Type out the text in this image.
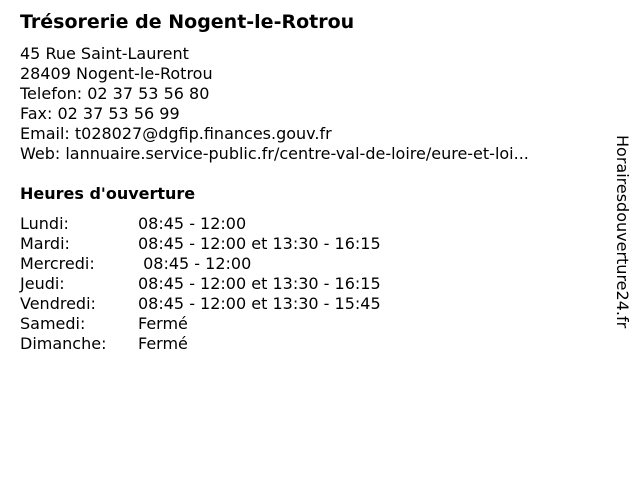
Trésorerie de Nogent-le-Rotrou
45 Rue Saint-Laurent
28409 Nogent-le-Rotrou
Telefon: 02 37 53 56 80
Fax: 02 37 53 56 99
Email: t028027@dgfip.finances.gouv.fr
Web: lannuaire.service-public.fr/centre-val-de-loire/eure-et-loi...
Heures d'ouverture
Lundi:	08:45 - 12:00
Mardi:	08:45 - 12:00 et 13:30 - 16:15
Mercredi:	08:45 - 12:00
Jeudi:	08:45 - 12:00 et 13:30 - 16:15
Vendredi:	08:45 - 12:00 et 13:30 - 15:45
Samedi:	Fermé
Dimanche: Fermé
Horairesdouverture24.fr
